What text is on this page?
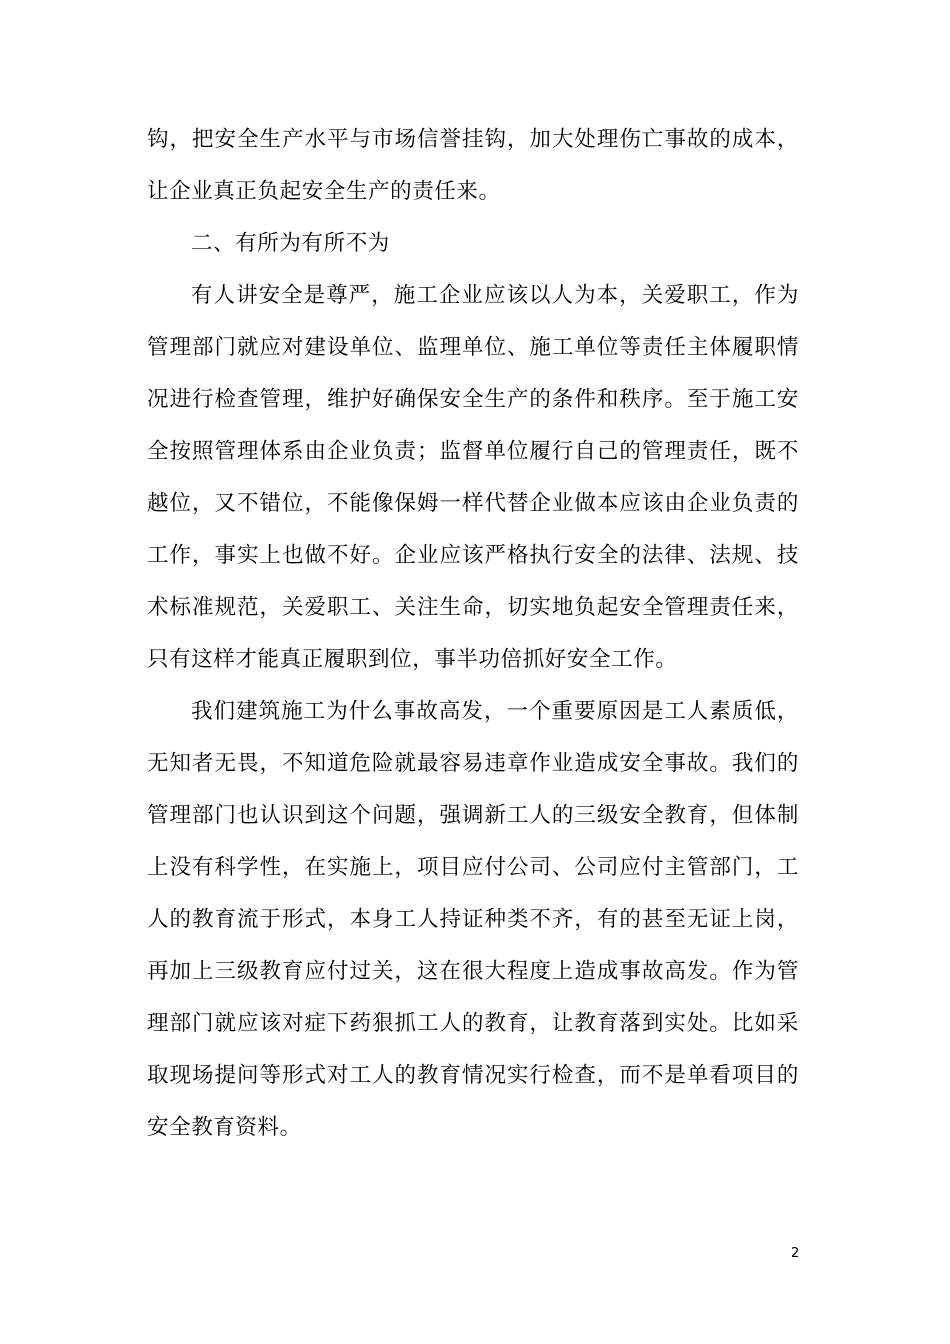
钩，把安全生产水平与市场信誉挂钩，加大处理伤亡事故的成本，让企业真正负起安全生产的责任来。

二、有所为有所不为

有人讲安全是尊严，施工企业应该以人为本，关爱职工，作为管理部门就应对建设单位、监理单位、施工单位等责任主体履职情况进行检查管理，维护好确保安全生产的条件和秩序。至于施工安全按照管理体系由企业负责；监督单位履行自己的管理责任，既不越位，又不错位，不能像保姆一样代替企业做本应该由企业负责的工作，事实上也做不好。企业应该严格执行安全的法律、法规、技术标准规范，关爱职工、关注生命，切实地负起安全管理责任来，只有这样才能真正履职到位，事半功倍抓好安全工作。

我们建筑施工为什么事故高发，一个重要原因是工人素质低，无知者无畏，不知道危险就最容易违章作业造成安全事故。我们的管理部门也认识到这个问题，强调新工人的三级安全教育，但体制上没有科学性，在实施上，项目应付公司、公司应付主管部门，工人的教育流于形式，本身工人持证种类不齐，有的甚至无证上岗，再加上三级教育应付过关，这在很大程度上造成事故高发。作为管理部门就应该对症下药狠抓工人的教育，让教育落到实处。比如采取现场提问等形式对工人的教育情况实行检查，而不是单看项目的安全教育资料。

2
